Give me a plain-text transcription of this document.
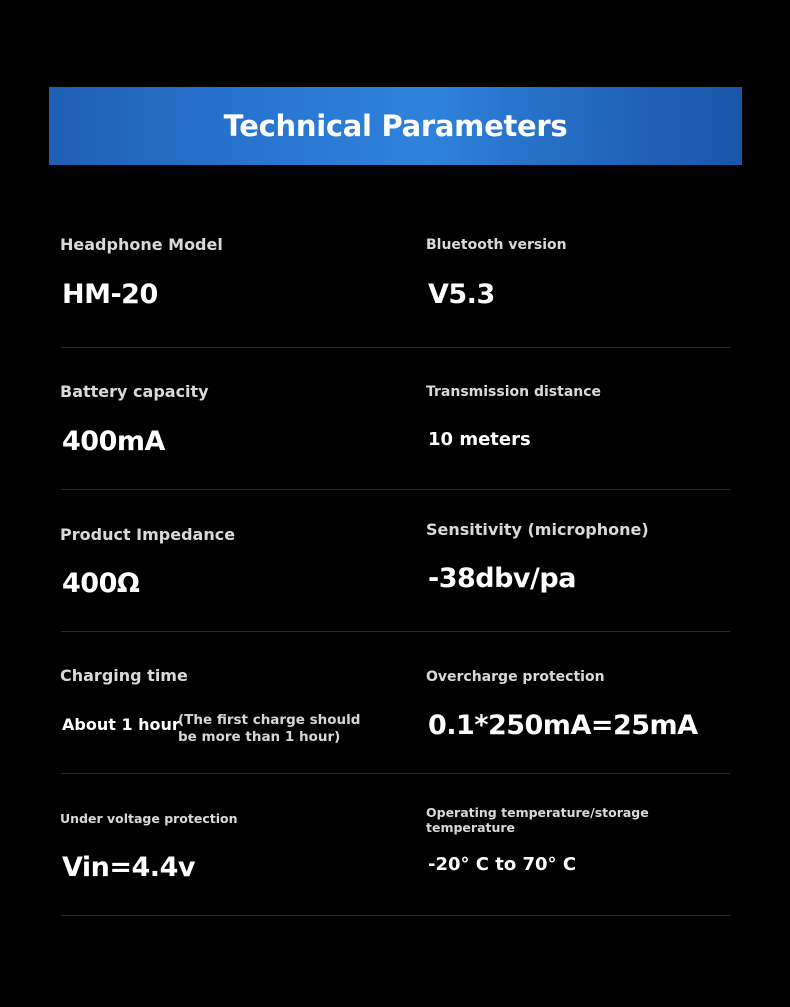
Technical Parameters
Headphone Model
HM-20
Bluetooth version
V5.3
Battery capacity
400mA
Transmission distance
10 meters
Product Impedance
400Ω
Sensitivity (microphone)
-38dbv/pa
Charging time
About 1 hour
(The first charge should be more than 1 hour)
Overcharge protection
0.1*250mA=25mA
Under voltage protection
Vin=4.4v
Operating temperature/storage temperature
-20° C to 70° C
